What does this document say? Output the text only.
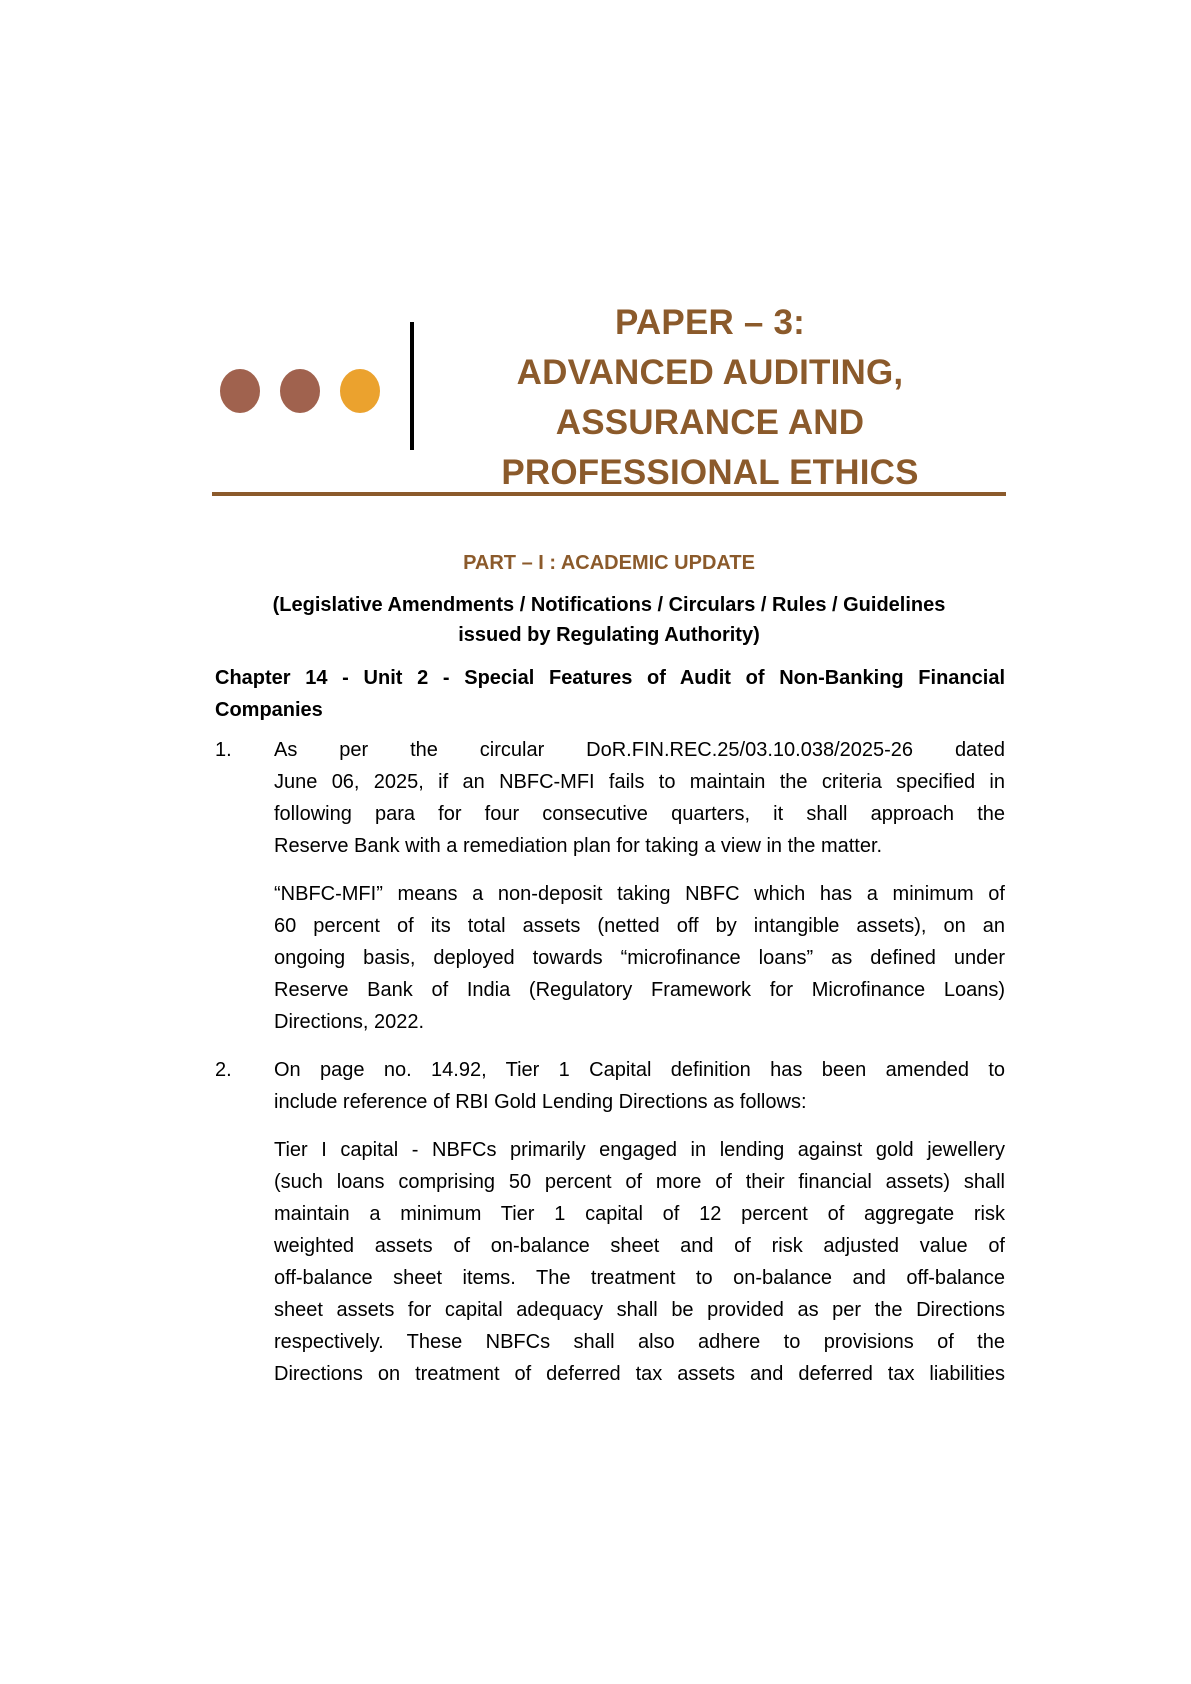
PAPER – 3:
ADVANCED AUDITING,
ASSURANCE AND
PROFESSIONAL ETHICS
PART – I : ACADEMIC UPDATE
(Legislative Amendments / Notifications / Circulars / Rules / Guidelines
issued by Regulating Authority)
Chapter 14 - Unit 2 - Special Features of Audit of Non-Banking Financial Companies
1. As per the circular DoR.FIN.REC.25/03.10.038/2025-26 dated
June 06, 2025, if an NBFC-MFI fails to maintain the criteria specified in
following para for four consecutive quarters, it shall approach the
Reserve Bank with a remediation plan for taking a view in the matter.
“NBFC-MFI” means a non-deposit taking NBFC which has a minimum of
60 percent of its total assets (netted off by intangible assets), on an
ongoing basis, deployed towards “microfinance loans” as defined under
Reserve Bank of India (Regulatory Framework for Microfinance Loans)
Directions, 2022.
2. On page no. 14.92, Tier 1 Capital definition has been amended to
include reference of RBI Gold Lending Directions as follows:
Tier I capital - NBFCs primarily engaged in lending against gold jewellery
(such loans comprising 50 percent of more of their financial assets) shall
maintain a minimum Tier 1 capital of 12 percent of aggregate risk
weighted assets of on-balance sheet and of risk adjusted value of
off-balance sheet items. The treatment to on-balance and off-balance
sheet assets for capital adequacy shall be provided as per the Directions
respectively. These NBFCs shall also adhere to provisions of the
Directions on treatment of deferred tax assets and deferred tax liabilities
